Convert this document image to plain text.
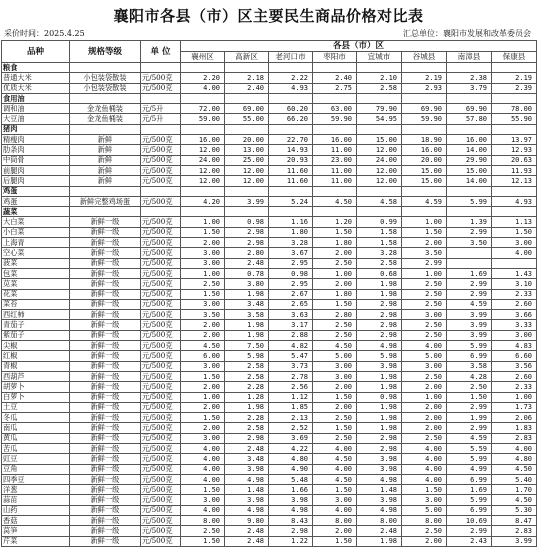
襄阳市各县（市）区主要民生商品价格对比表
采价时间：2025.4.25	汇总单位：襄阳市发展和改革委员会
品种	规格等级	单 位	各县（市）区							
			襄州区	高新区	老河口市	枣阳市	宜城市	谷城县	南漳县	保康县
粮食										
普通大米	小包装袋散装	元/500克	2.20	2.18	2.22	2.40	2.10	2.19	2.38	2.19
优质大米	小包装袋散装	元/500克	4.00	2.40	4.93	2.75	2.58	2.93	3.79	2.39
食用油										
调和油	金龙鱼桶装	元/5升	72.00	69.00	60.20	63.00	79.90	69.90	69.90	78.00
大豆油	金龙鱼桶装	元/5升	59.00	55.00	66.20	59.90	54.95	59.90	57.80	55.90
猪肉										
精瘦肉	新鲜	元/500克	16.00	20.00	22.70	16.00	15.00	18.90	16.00	13.97
肋条肉	新鲜	元/500克	12.00	13.00	14.93	11.00	12.00	16.00	14.00	12.93
中筒骨	新鲜	元/500克	24.00	25.00	20.93	23.00	24.00	20.00	29.90	20.63
前腿肉	新鲜	元/500克	12.00	12.00	11.60	11.00	12.00	15.00	15.00	11.93
后腿肉	新鲜	元/500克	12.00	12.00	11.60	11.00	12.00	15.00	14.00	12.13
鸡蛋										
鸡蛋	新鲜完整鸡场蛋	元/500克	4.20	3.99	5.24	4.50	4.58	4.59	5.99	4.93
蔬菜										
大白菜	新鲜一级	元/500克	1.00	0.98	1.16	1.20	0.99	1.00	1.39	1.13
小白菜	新鲜一级	元/500克	1.50	2.98	1.80	1.50	1.58	1.50	2.99	1.50
上海青	新鲜一级	元/500克	2.00	2.98	3.28	1.80	1.58	2.00	3.50	3.00
空心菜	新鲜一级	元/500克	3.00	2.80	3.67	2.00	3.28	3.50		4.00
菠菜	新鲜一级	元/500克	3.00	2.48	2.95	2.50	2.58	2.99		
包菜	新鲜一级	元/500克	1.00	0.78	0.98	1.00	0.68	1.00	1.69	1.43
苋菜	新鲜一级	元/500克	2.50	3.80	2.95	2.00	1.98	2.50	2.99	3.10
花菜	新鲜一级	元/500克	1.50	1.98	2.67	1.80	1.98	2.50	2.99	2.33
菜苔	新鲜一级	元/500克	3.00	3.48	2.65	1.50	2.98	2.50	4.59	2.60
西红柿	新鲜一级	元/500克	3.50	3.58	3.63	2.80	2.98	3.00	3.99	3.66
青茄子	新鲜一级	元/500克	2.00	1.98	3.17	2.50	2.98	2.50	3.99	3.33
紫茄子	新鲜一级	元/500克	2.00	1.98	2.88	2.50	2.98	2.50	3.99	3.00
尖椒	新鲜一级	元/500克	4.50	7.50	4.82	4.50	4.98	4.00	5.99	4.83
红椒	新鲜一级	元/500克	6.00	5.98	5.47	5.00	5.98	5.00	6.99	6.60
青椒	新鲜一级	元/500克	3.00	2.58	3.73	3.00	3.98	3.00	3.58	3.56
西葫芦	新鲜一级	元/500克	1.50	2.58	2.78	3.00	1.98	2.50	4.28	2.60
胡萝卜	新鲜一级	元/500克	2.00	2.28	2.56	2.00	1.98	2.00	2.50	2.33
白萝卜	新鲜一级	元/500克	1.00	1.28	1.12	1.50	0.98	1.00	1.50	1.00
土豆	新鲜一级	元/500克	2.00	1.98	1.85	2.00	1.98	2.00	2.99	1.73
冬瓜	新鲜一级	元/500克	1.50	2.28	2.13	2.50	1.98	2.00	1.99	2.06
南瓜	新鲜一级	元/500克	2.00	2.58	2.52	1.50	1.98	2.00	2.99	1.83
黄瓜	新鲜一级	元/500克	3.00	2.98	3.69	2.50	2.98	2.50	4.59	2.83
苦瓜	新鲜一级	元/500克	4.00	2.48	4.22	4.00	2.98	4.00	5.59	4.00
豇豆	新鲜一级	元/500克	4.00	3.48	4.80	4.50	3.98	4.00	5.99	4.80
豆角	新鲜一级	元/500克	4.00	3.98	4.90	4.00	3.98	4.00	4.99	4.50
四季豆	新鲜一级	元/500克	4.00	4.98	5.48	4.50	4.98	4.00	6.99	5.40
洋葱	新鲜一级	元/500克	1.50	1.48	1.66	1.50	1.48	1.50	1.69	1.70
蒜苗	新鲜一级	元/500克	3.00	3.98	3.98	3.00	3.98	3.00	5.99	4.50
山药	新鲜一级	元/500克	4.00	4.98	4.98	4.00	4.98	5.00	6.99	5.30
香菇	新鲜一级	元/500克	8.00	9.80	8.43	8.00	8.00	8.00	10.69	8.47
莴笋	新鲜一级	元/500克	2.50	2.48	2.98	2.00	2.48	2.50	2.99	2.83
芹菜	新鲜一级	元/500克	1.50	2.48	1.22	1.50	1.98	2.00	2.43	3.99
